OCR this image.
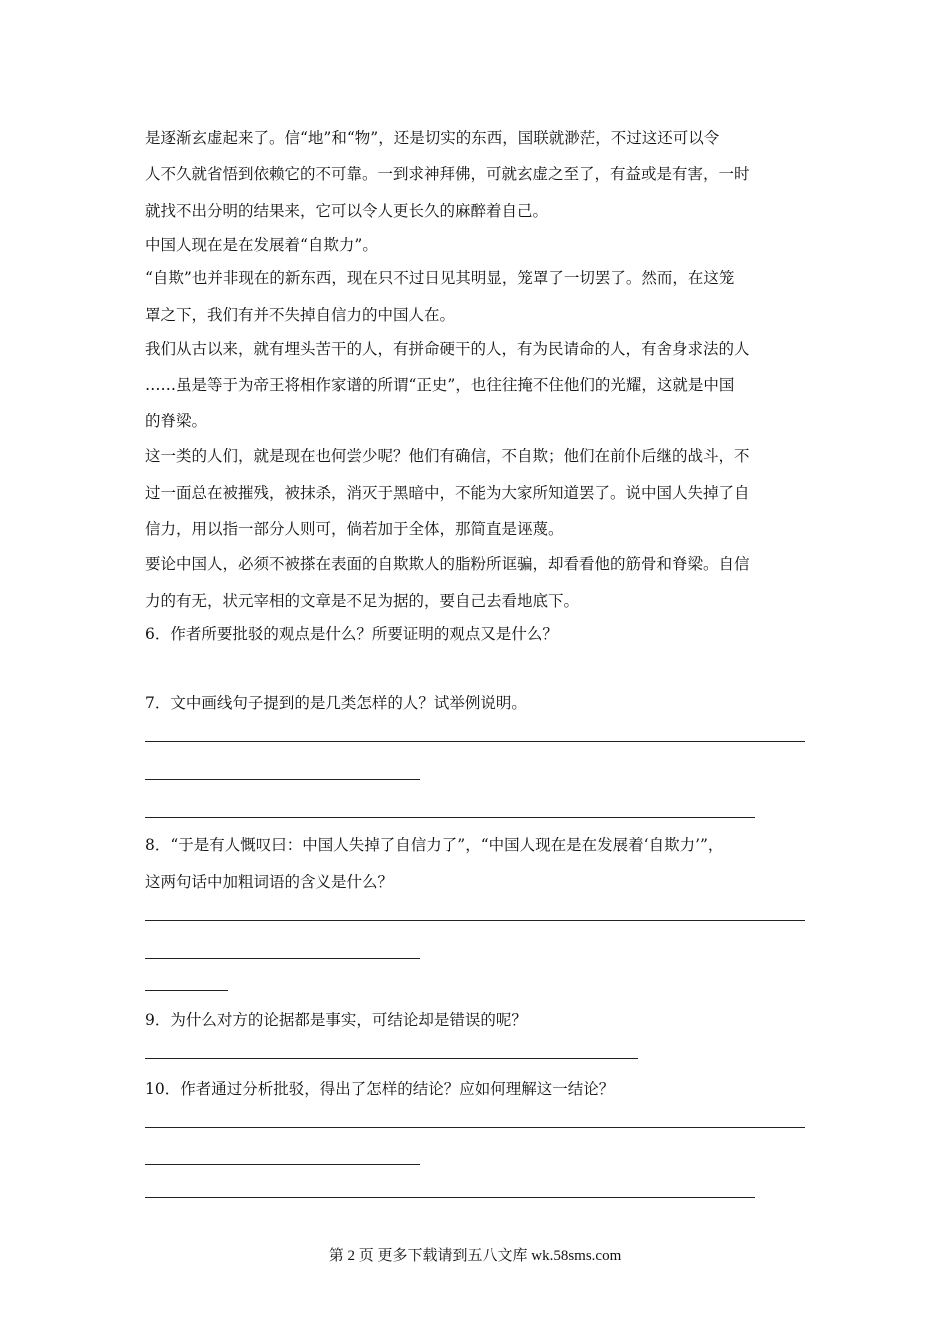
是逐渐玄虚起来了。信“地”和“物”，还是切实的东西，国联就渺茫，不过这还可以令
人不久就省悟到依赖它的不可靠。一到求神拜佛，可就玄虚之至了，有益或是有害，一时
就找不出分明的结果来，它可以令人更长久的麻醉着自己。
中国人现在是在发展着“自欺力”。
“自欺”也并非现在的新东西，现在只不过日见其明显，笼罩了一切罢了。然而，在这笼
罩之下，我们有并不失掉自信力的中国人在。
我们从古以来，就有埋头苦干的人，有拼命硬干的人，有为民请命的人，有舍身求法的人
……虽是等于为帝王将相作家谱的所谓“正史”，也往往掩不住他们的光耀，这就是中国
的脊梁。
这一类的人们，就是现在也何尝少呢？他们有确信，不自欺；他们在前仆后继的战斗，不
过一面总在被摧残，被抹杀，消灭于黑暗中，不能为大家所知道罢了。说中国人失掉了自
信力，用以指一部分人则可，倘若加于全体，那简直是诬蔑。
要论中国人，必须不被搽在表面的自欺欺人的脂粉所诓骗，却看看他的筋骨和脊梁。自信
力的有无，状元宰相的文章是不足为据的，要自己去看地底下。
6．作者所要批驳的观点是什么？所要证明的观点又是什么？
7．文中画线句子提到的是几类怎样的人？试举例说明。
8．“于是有人慨叹曰：中国人失掉了自信力了”，“中国人现在是在发展着‘自欺力’”，
这两句话中加粗词语的含义是什么？
9．为什么对方的论据都是事实，可结论却是错误的呢？
10．作者通过分析批驳，得出了怎样的结论？应如何理解这一结论？
第 2 页 更多下载请到五八文库 wk.58sms.com
